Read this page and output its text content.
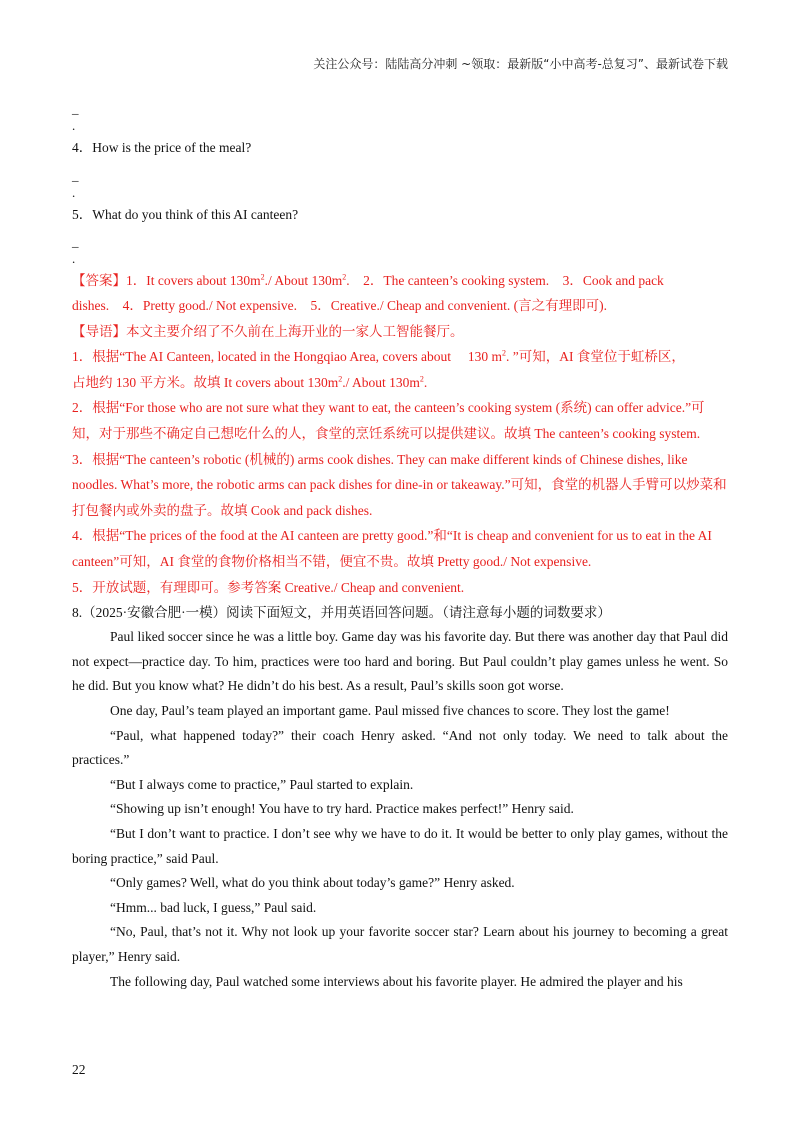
关注公众号：陆陆高分冲刺 ~领取：最新版“小中高考-总复习”、最新试卷下载
_
.
4．How is the price of the meal?
_
.
5．What do you think of this AI canteen?
_
.
【答案】1．It covers about $130m^2./$ About $130m^2$.　2．The canteen’s cooking system.　3．Cook and pack
dishes.　4．Pretty good./ Not expensive.　5．Creative./ Cheap and convenient. (言之有理即可).
【导语】本文主要介绍了不久前在上海开业的一家人工智能餐厅。
1．根据“The AI Canteen, located in the Hongqiao Area, covers about　 130 $m^2$. ”可知，AI 食堂位于虹桥区，
占地约 130 平方米。故填 It covers about $130m^2./$ About $130m^2$.
2．根据“For those who are not sure what they want to eat, the canteen’s cooking system (系统) can offer advice.”可知，对于那些不确定自己想吃什么的人，食堂的烹饪系统可以提供建议。故填 The canteen’s cooking system.
3．根据“The canteen’s robotic (机械的) arms cook dishes. They can make different kinds of Chinese dishes, like noodles. What’s more, the robotic arms can pack dishes for dine-in or takeaway.”可知，食堂的机器人手臂可以炒菜和打包餐内或外卖的盘子。故填 Cook and pack dishes.
4．根据“The prices of the food at the AI canteen are pretty good.”和“It is cheap and convenient for us to eat in the AI canteen”可知，AI 食堂的食物价格相当不错，便宜不贵。故填 Pretty good./ Not expensive.
5．开放试题，有理即可。参考答案 Creative./ Cheap and convenient.
8.（2025·安徽合肥·一模）阅读下面短文，并用英语回答问题。（请注意每小题的词数要求）
Paul liked soccer since he was a little boy. Game day was his favorite day. But there was another day that Paul did not expect—practice day. To him, practices were too hard and boring. But Paul couldn’t play games unless he went. So he did. But you know what? He didn’t do his best. As a result, Paul’s skills soon got worse.
One day, Paul’s team played an important game. Paul missed five chances to score. They lost the game!
“Paul, what happened today?” their coach Henry asked. “And not only today. We need to talk about the practices.”
“But I always come to practice,” Paul started to explain.
“Showing up isn’t enough! You have to try hard. Practice makes perfect!” Henry said.
“But I don’t want to practice. I don’t see why we have to do it. It would be better to only play games, without the boring practice,” said Paul.
“Only games? Well, what do you think about today’s game?” Henry asked.
“Hmm... bad luck, I guess,” Paul said.
“No, Paul, that’s not it. Why not look up your favorite soccer star? Learn about his journey to becoming a great player,” Henry said.
The following day, Paul watched some interviews about his favorite player. He admired the player and his
22
